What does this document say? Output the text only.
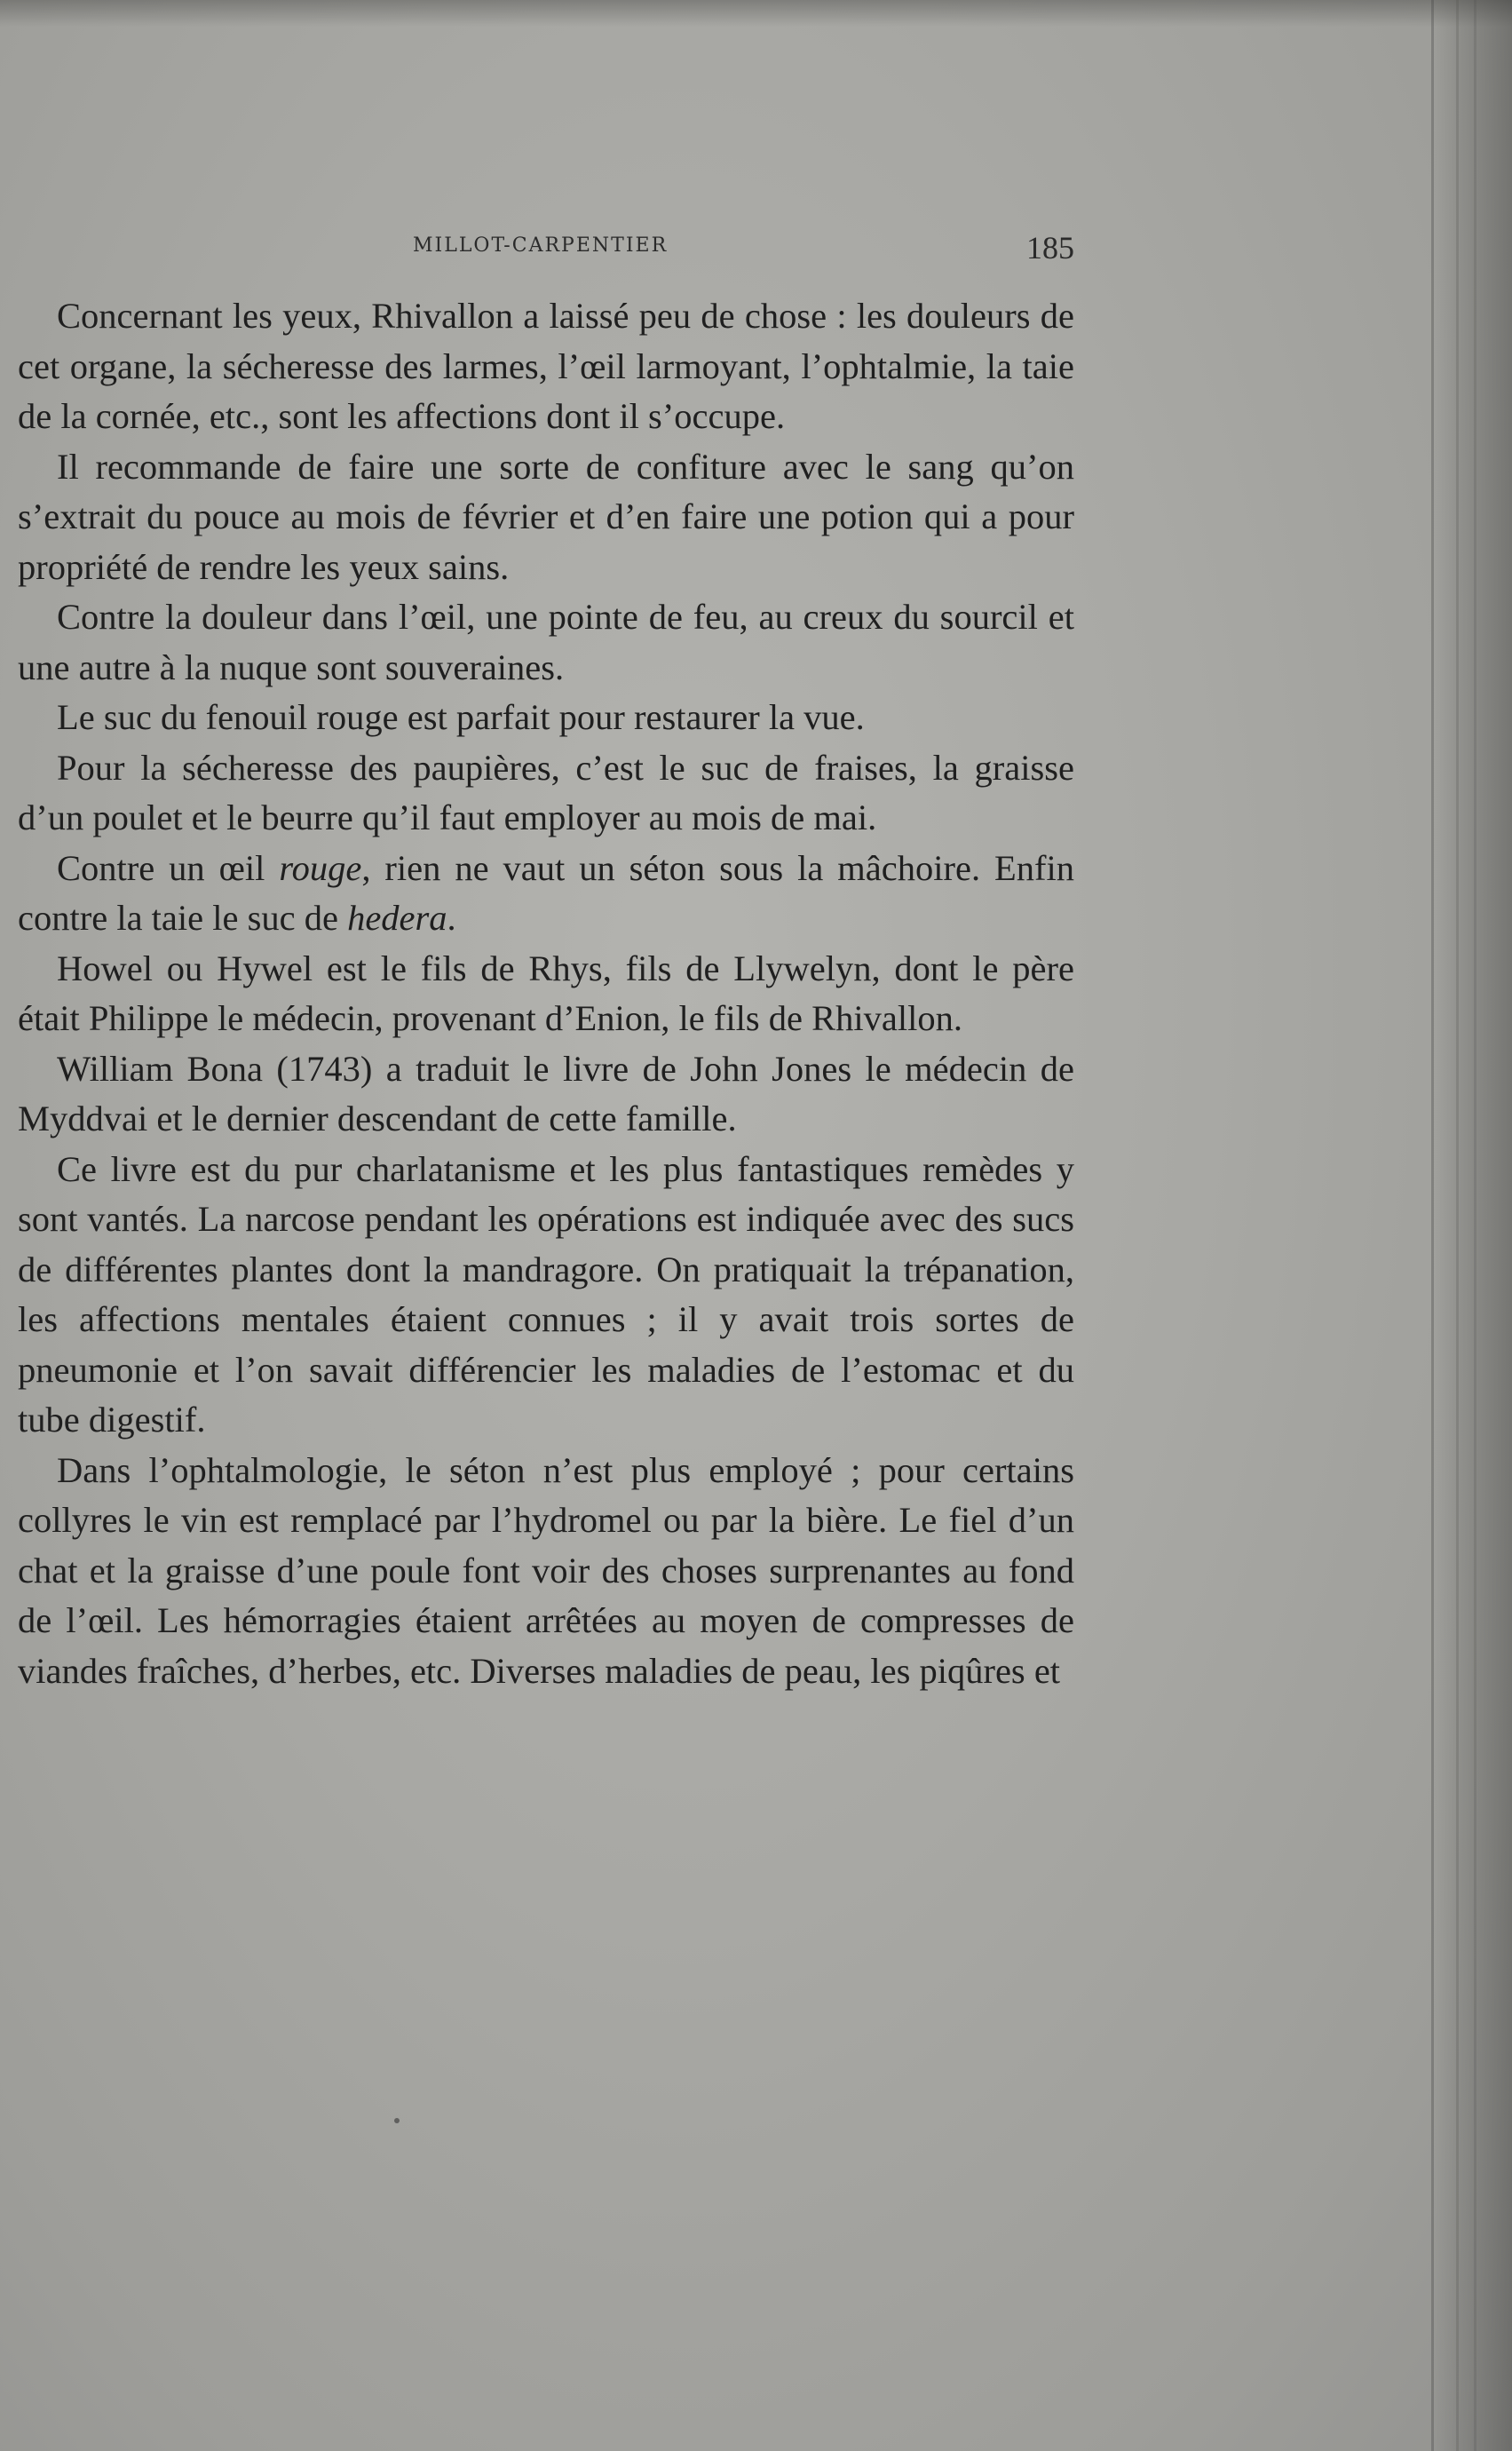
MILLOT-CARPENTIER	185

Concernant les yeux, Rhivallon a laissé peu de chose : les douleurs de cet organe, la sécheresse des larmes, l’œil larmoyant, l’ophtalmie, la taie de la cornée, etc., sont les affections dont il s’occupe.

Il recommande de faire une sorte de confiture avec le sang qu’on s’extrait du pouce au mois de février et d’en faire une potion qui a pour propriété de rendre les yeux sains.

Contre la douleur dans l’œil, une pointe de feu, au creux du sourcil et une autre à la nuque sont souveraines.

Le suc du fenouil rouge est parfait pour restaurer la vue.

Pour la sécheresse des paupières, c’est le suc de fraises, la graisse d’un poulet et le beurre qu’il faut employer au mois de mai.

Contre un œil rouge, rien ne vaut un séton sous la mâchoire. Enfin contre la taie le suc de hedera.

Howel ou Hywel est le fils de Rhys, fils de Llywelyn, dont le père était Philippe le médecin, provenant d’Enion, le fils de Rhivallon.

William Bona (1743) a traduit le livre de John Jones le médecin de Myddvai et le dernier descendant de cette famille.

Ce livre est du pur charlatanisme et les plus fantastiques remèdes y sont vantés. La narcose pendant les opérations est indiquée avec des sucs de différentes plantes dont la mandragore. On pratiquait la trépanation, les affections mentales étaient connues ; il y avait trois sortes de pneumonie et l’on savait différencier les maladies de l’estomac et du tube digestif.

Dans l’ophtalmologie, le séton n’est plus employé ; pour certains collyres le vin est remplacé par l’hydromel ou par la bière. Le fiel d’un chat et la graisse d’une poule font voir des choses surprenantes au fond de l’œil. Les hémorragies étaient arrêtées au moyen de compresses de viandes fraîches, d’herbes, etc. Diverses maladies de peau, les piqûres et
